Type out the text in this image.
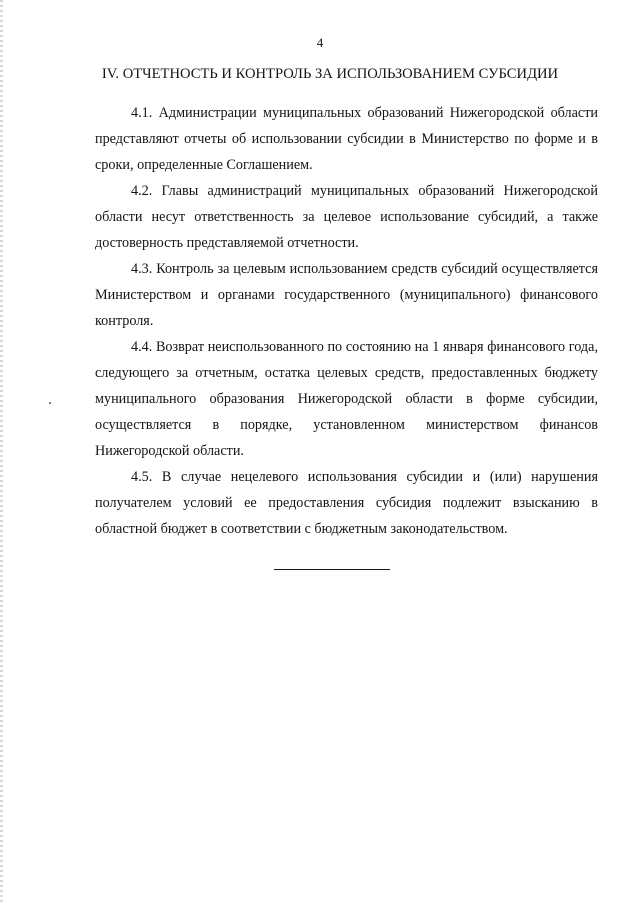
4
IV. ОТЧЕТНОСТЬ И КОНТРОЛЬ ЗА ИСПОЛЬЗОВАНИЕМ СУБСИДИИ

4.1. Администрации муниципальных образований Нижегородской области представляют отчеты об использовании субсидии в Министерство по форме и в сроки, определенные Соглашением.

4.2. Главы администраций муниципальных образований Нижегородской области несут ответственность за целевое использование субсидий, а также достоверность представляемой отчетности.

4.3. Контроль за целевым использованием средств субсидий осуществляется Министерством и органами государственного (муниципального) финансового контроля.

4.4. Возврат неиспользованного по состоянию на 1 января финансового года, следующего за отчетным, остатка целевых средств, предоставленных бюджету муниципального образования Нижегородской области в форме субсидии, осуществляется в порядке, установленном министерством финансов Нижегородской области.

4.5. В случае нецелевого использования субсидии и (или) нарушения получателем условий ее предоставления субсидия подлежит взысканию в областной бюджет в соответствии с бюджетным законодательством.
